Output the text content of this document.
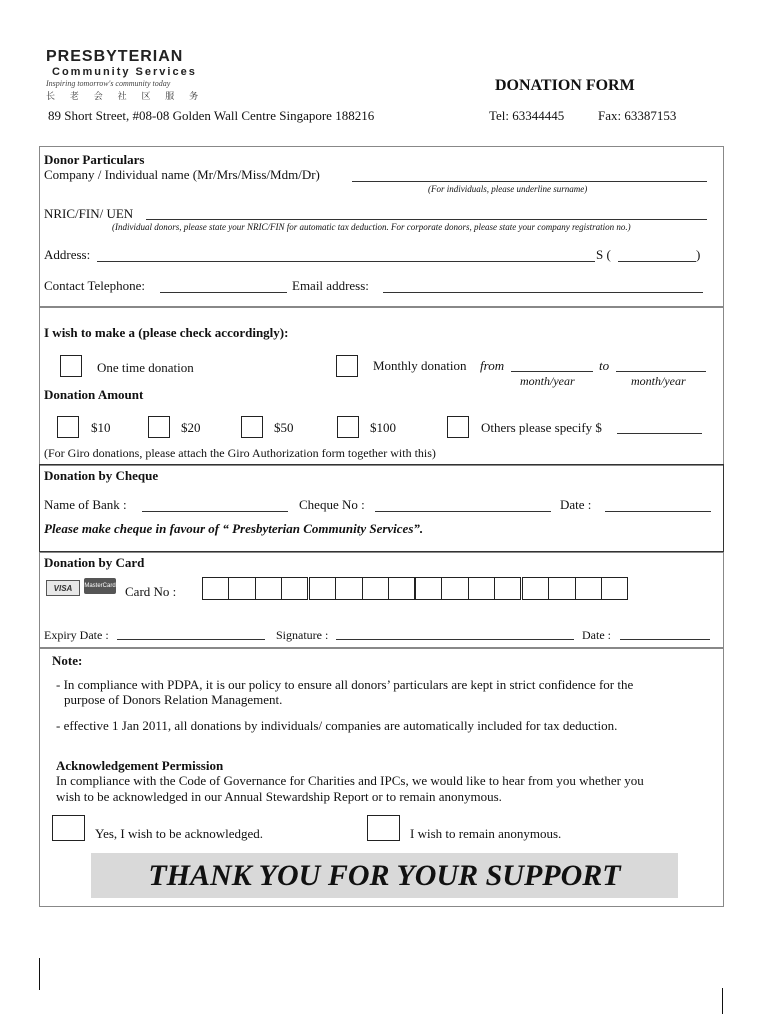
PRESBYTERIAN
Community Services
Inspiring tomorrow's community today
长 老 会 社 区 服 务
DONATION FORM
89 Short Street, #08-08 Golden Wall Centre Singapore 188216	Tel: 63344445	Fax: 63387153
Donor Particulars
Company / Individual name (Mr/Mrs/Miss/Mdm/Dr)
(For individuals, please underline surname)
NRIC/FIN/ UEN
(Individual donors, please state your NRIC/FIN for automatic tax deduction. For corporate donors, please state your company registration no.)
Address:	S (	)
Contact Telephone:	Email address:
I wish to make a (please check accordingly):
One time donation	Monthly donation from	to
month/year	month/year
Donation Amount
$10	$20	$50	$100	Others please specify $
(For Giro donations, please attach the Giro Authorization form together with this)
Donation by Cheque
Name of Bank :	Cheque No :	Date :
Please make cheque in favour of “ Presbyterian Community Services”.
Donation by Card
VISA MasterCard Card No :
Expiry Date :	Signature :	Date :
Note:
- In compliance with PDPA, it is our policy to ensure all donors’ particulars are kept in strict confidence for the
purpose of Donors Relation Management.
- effective 1 Jan 2011, all donations by individuals/ companies are automatically included for tax deduction.
Acknowledgement Permission
In compliance with the Code of Governance for Charities and IPCs, we would like to hear from you whether you
wish to be acknowledged in our Annual Stewardship Report or to remain anonymous.
Yes, I wish to be acknowledged.	I wish to remain anonymous.
THANK YOU FOR YOUR SUPPORT
